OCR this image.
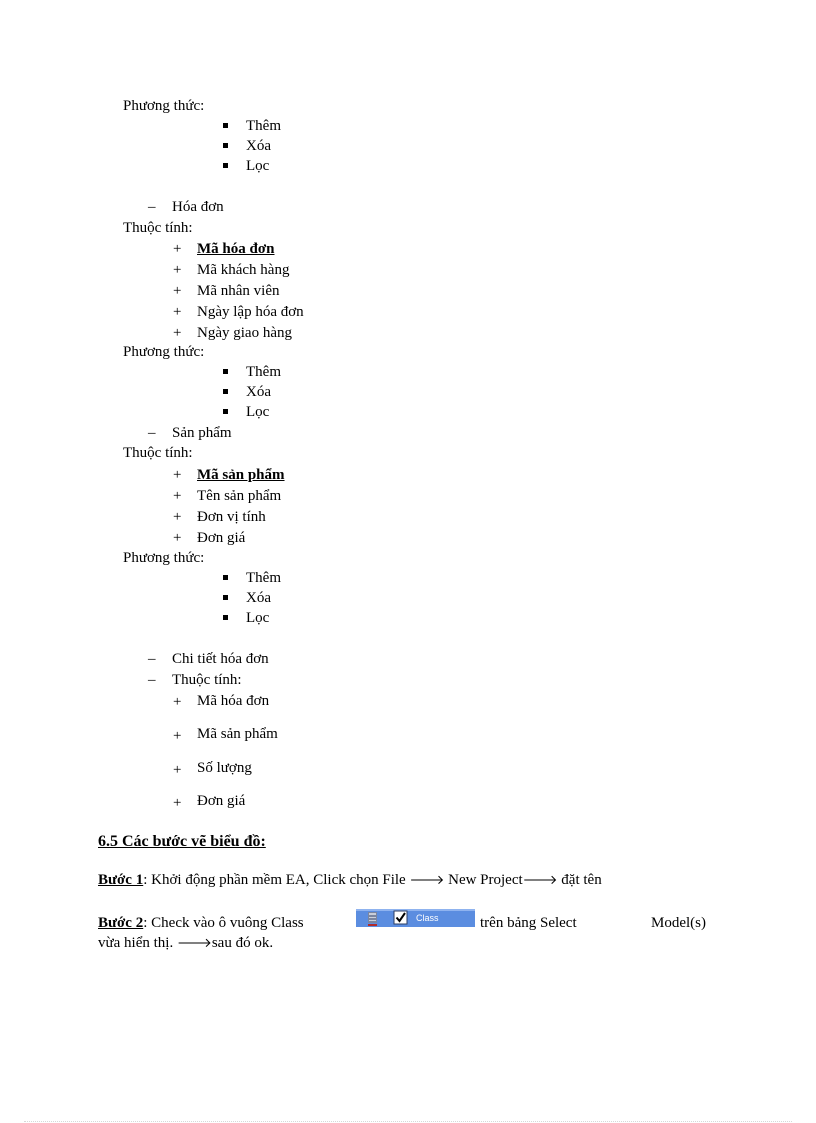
Phương thức:
Thêm
Xóa
Lọc
– Hóa đơn
Thuộc tính:
+ Mã hóa đơn
+ Mã khách hàng
+ Mã nhân viên
+ Ngày lập hóa đơn
+ Ngày giao hàng
Phương thức:
Thêm
Xóa
Lọc
– Sản phẩm
Thuộc tính:
+ Mã sản phẩm
+ Tên sản phẩm
+ Đơn vị tính
+ Đơn giá
Phương thức:
Thêm
Xóa
Lọc
– Chi tiết hóa đơn
– Thuộc tính:
+ Mã hóa đơn
+ Mã sản phẩm
+ Số lượng
+ Đơn giá
6.5 Các bước vẽ biểu đồ:
Bước 1: Khởi động phần mềm EA, Click chọn File 🡒 New Project🡒 đặt tên
Bước 2: Check vào ô vuông Class	Class	trên bảng Select	Model(s)
vừa hiển thị. 🡒sau đó ok.
